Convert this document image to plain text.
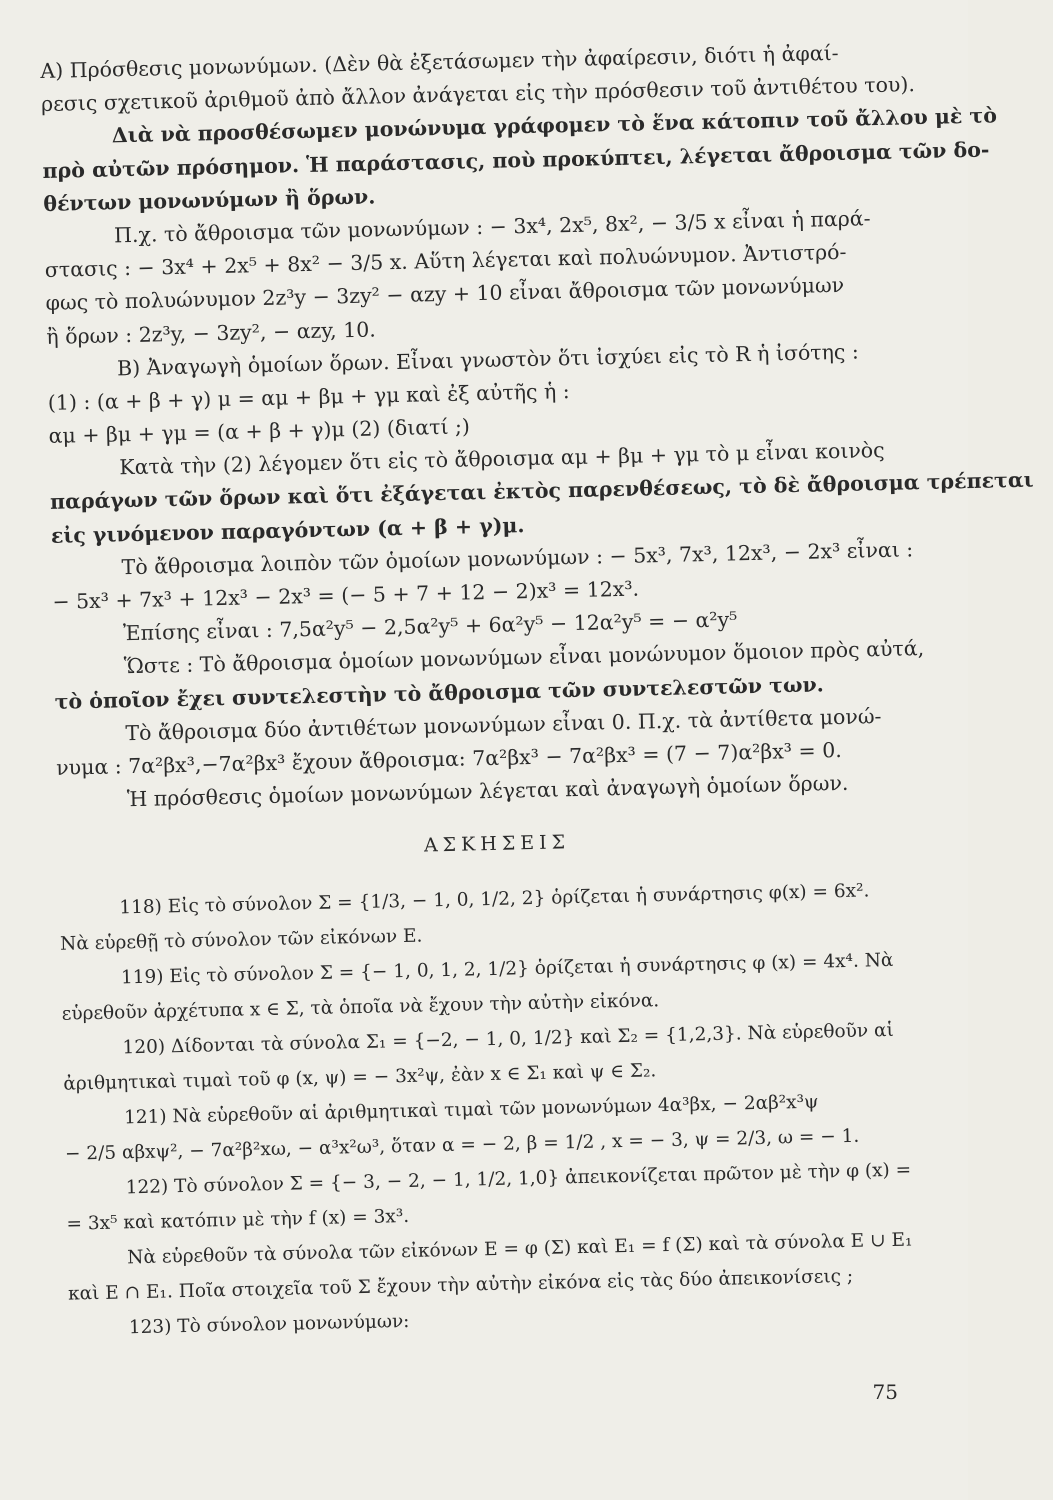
A) Πρόσθεσις μονωνύμων. (Δὲν θὰ ἐξετάσωμεν τὴν ἀφαίρεσιν, διότι ἡ ἀφαί-
ρεσις σχετικοῦ ἀριθμοῦ ἀπὸ ἄλλον ἀνάγεται εἰς τὴν πρόσθεσιν τοῦ ἀντιθέτου του).
Διὰ νὰ προσθέσωμεν μονώνυμα γράφομεν τὸ ἕνα κάτοπιν τοῦ ἄλλου μὲ τὸ
πρὸ αὐτῶν πρόσημον. Ἡ παράστασις, ποὺ προκύπτει, λέγεται ἄθροισμα τῶν δο-
θέντων μονωνύμων ἢ ὅρων.
Π.χ. τὸ ἄθροισμα τῶν μονωνύμων : − 3x⁴, 2x⁵, 8x², − 3/5 x εἶναι ἡ παρά-
στασις : − 3x⁴ + 2x⁵ + 8x² − 3/5 x. Αὕτη λέγεται καὶ πολυώνυμον. Ἀντιστρό-
φως τὸ πολυώνυμον 2z³y − 3zy² − αzy + 10 εἶναι ἄθροισμα τῶν μονωνύμων
ἢ ὅρων : 2z³y, − 3zy², − αzy, 10.
B) Ἀναγωγὴ ὁμοίων ὅρων. Εἶναι γνωστὸν ὅτι ἰσχύει εἰς τὸ R ἡ ἰσότης :
(1) : (α + β + γ) μ = αμ + βμ + γμ καὶ ἐξ αὐτῆς ἡ :
αμ + βμ + γμ = (α + β + γ)μ (2) (διατί ;)
Κατὰ τὴν (2) λέγομεν ὅτι εἰς τὸ ἄθροισμα αμ + βμ + γμ τὸ μ εἶναι κοινὸς
παράγων τῶν ὅρων καὶ ὅτι ἐξάγεται ἐκτὸς παρενθέσεως, τὸ δὲ ἄθροισμα τρέπεται
εἰς γινόμενον παραγόντων (α + β + γ)μ.
Τὸ ἄθροισμα λοιπὸν τῶν ὁμοίων μονωνύμων : − 5x³, 7x³, 12x³, − 2x³ εἶναι :
− 5x³ + 7x³ + 12x³ − 2x³ = (− 5 + 7 + 12 − 2)x³ = 12x³.
Ἐπίσης εἶναι : 7,5α²y⁵ − 2,5α²y⁵ + 6α²y⁵ − 12α²y⁵ = − α²y⁵
Ὥστε : Τὸ ἄθροισμα ὁμοίων μονωνύμων εἶναι μονώνυμον ὅμοιον πρὸς αὐτά,
τὸ ὁποῖον ἔχει συντελεστὴν τὸ ἄθροισμα τῶν συντελεστῶν των.
Τὸ ἄθροισμα δύο ἀντιθέτων μονωνύμων εἶναι 0. Π.χ. τὰ ἀντίθετα μονώ-
νυμα : 7α²βx³,−7α²βx³ ἔχουν ἄθροισμα: 7α²βx³ − 7α²βx³ = (7 − 7)α²βx³ = 0.
Ἡ πρόσθεσις ὁμοίων μονωνύμων λέγεται καὶ ἀναγωγὴ ὁμοίων ὅρων.
ΑΣΚΗΣΕΙΣ
118) Εἰς τὸ σύνολον Σ = {1/3, − 1, 0, 1/2, 2} ὁρίζεται ἡ συνάρτησις φ(x) = 6x².
Νὰ εὑρεθῇ τὸ σύνολον τῶν εἰκόνων Ε.
119) Εἰς τὸ σύνολον Σ = {− 1, 0, 1, 2, 1/2} ὁρίζεται ἡ συνάρτησις φ (x) = 4x⁴. Νὰ
εὑρεθοῦν ἀρχέτυπα x ∈ Σ, τὰ ὁποῖα νὰ ἔχουν τὴν αὐτὴν εἰκόνα.
120) Δίδονται τὰ σύνολα Σ₁ = {−2, − 1, 0, 1/2} καὶ Σ₂ = {1,2,3}. Νὰ εὑρεθοῦν αἱ
ἀριθμητικαὶ τιμαὶ τοῦ φ (x, ψ) = − 3x²ψ, ἐὰν x ∈ Σ₁ καὶ ψ ∈ Σ₂.
121) Νὰ εὑρεθοῦν αἱ ἀριθμητικαὶ τιμαὶ τῶν μονωνύμων 4α³βx, − 2αβ²x³ψ
− 2/5 αβxψ², − 7α²β²xω, − α³x²ω³, ὅταν α = − 2, β = 1/2 , x = − 3, ψ = 2/3, ω = − 1.
122) Τὸ σύνολον Σ = {− 3, − 2, − 1, 1/2, 1,0} ἀπεικονίζεται πρῶτον μὲ τὴν φ (x) =
= 3x⁵ καὶ κατόπιν μὲ τὴν f (x) = 3x³.
Νὰ εὑρεθοῦν τὰ σύνολα τῶν εἰκόνων Ε = φ (Σ) καὶ Ε₁ = f (Σ) καὶ τὰ σύνολα Ε ∪ Ε₁
καὶ Ε ∩ Ε₁. Ποῖα στοιχεῖα τοῦ Σ ἔχουν τὴν αὐτὴν εἰκόνα εἰς τὰς δύο ἀπεικονίσεις ;
123) Τὸ σύνολον μονωνύμων:
75
